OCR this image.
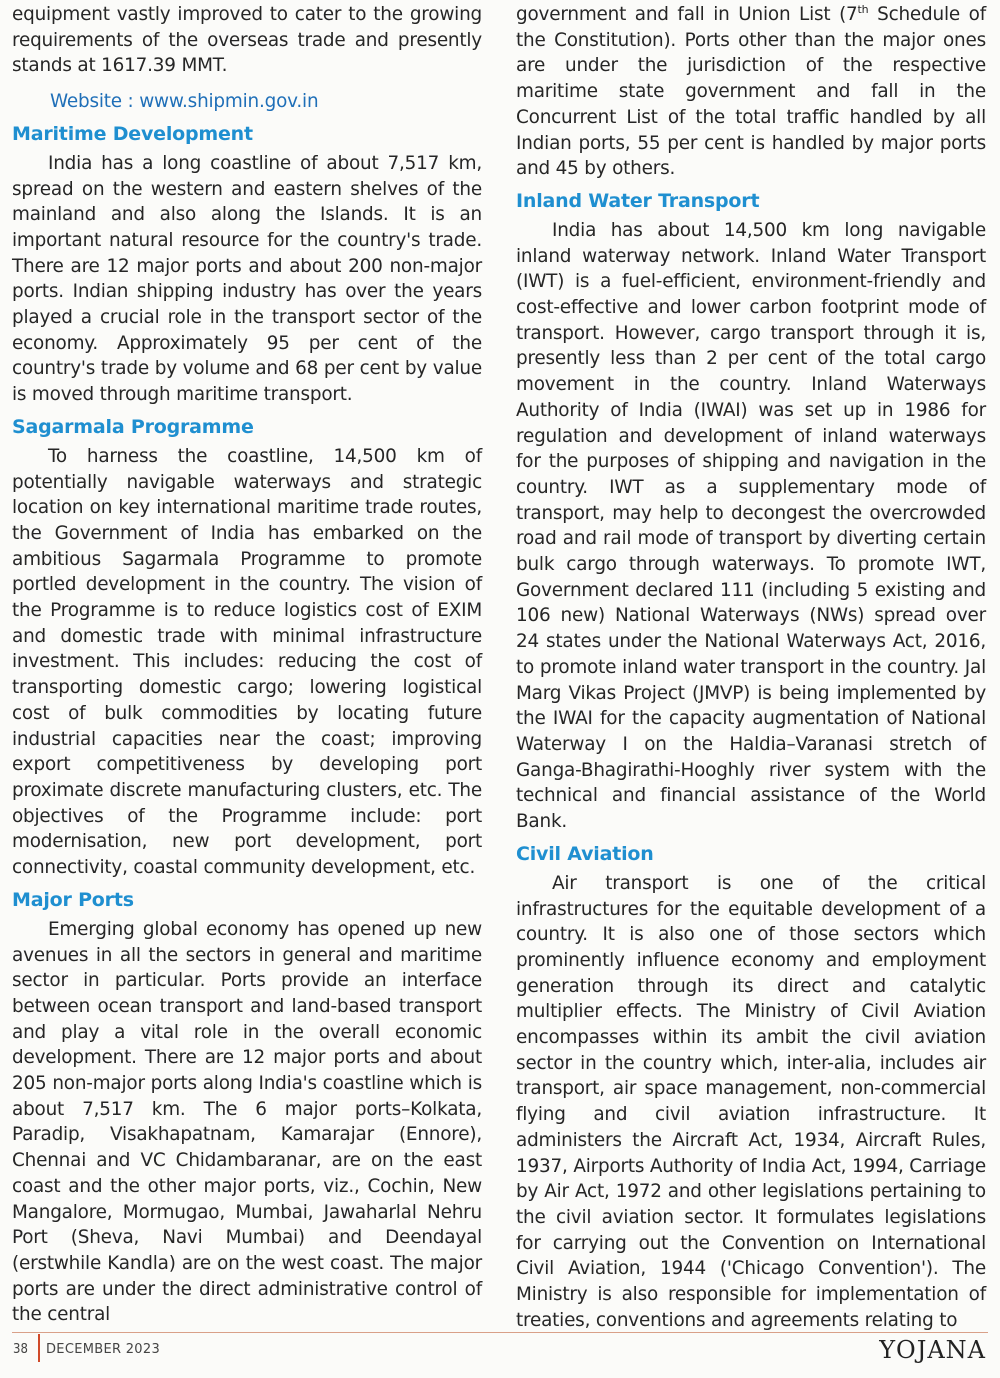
equipment vastly improved to cater to the growing requirements of the overseas trade and presently stands at 1617.39 MMT.

Website : www.shipmin.gov.in

Maritime Development

India has a long coastline of about 7,517 km, spread on the western and eastern shelves of the mainland and also along the Islands. It is an important natural resource for the country's trade. There are 12 major ports and about 200 non-major ports. Indian shipping industry has over the years played a crucial role in the transport sector of the economy. Approximately 95 per cent of the country's trade by volume and 68 per cent by value is moved through maritime transport.

Sagarmala Programme

To harness the coastline, 14,500 km of potentially navigable waterways and strategic location on key international maritime trade routes, the Government of India has embarked on the ambitious Sagarmala Programme to promote portled development in the country. The vision of the Programme is to reduce logistics cost of EXIM and domestic trade with minimal infrastructure investment. This includes: reducing the cost of transporting domestic cargo; lowering logistical cost of bulk commodities by locating future industrial capacities near the coast; improving export competitiveness by developing port proximate discrete manufacturing clusters, etc. The objectives of the Programme include: port modernisation, new port development, port connectivity, coastal community development, etc.

Major Ports

Emerging global economy has opened up new avenues in all the sectors in general and maritime sector in particular. Ports provide an interface between ocean transport and land-based transport and play a vital role in the overall economic development. There are 12 major ports and about 205 non-major ports along India's coastline which is about 7,517 km. The 6 major ports–Kolkata, Paradip, Visakhapatnam, Kamarajar (Ennore), Chennai and VC Chidambaranar, are on the east coast and the other major ports, viz., Cochin, New Mangalore, Mormugao, Mumbai, Jawaharlal Nehru Port (Sheva, Navi Mumbai) and Deendayal (erstwhile Kandla) are on the west coast. The major ports are under the direct administrative control of the central

government and fall in Union List (7th Schedule of the Constitution). Ports other than the major ones are under the jurisdiction of the respective maritime state government and fall in the Concurrent List of the total traffic handled by all Indian ports, 55 per cent is handled by major ports and 45 by others.

Inland Water Transport

India has about 14,500 km long navigable inland waterway network. Inland Water Transport (IWT) is a fuel-efficient, environment-friendly and cost-effective and lower carbon footprint mode of transport. However, cargo transport through it is, presently less than 2 per cent of the total cargo movement in the country. Inland Waterways Authority of India (IWAI) was set up in 1986 for regulation and development of inland waterways for the purposes of shipping and navigation in the country. IWT as a supplementary mode of transport, may help to decongest the overcrowded road and rail mode of transport by diverting certain bulk cargo through waterways. To promote IWT, Government declared 111 (including 5 existing and 106 new) National Waterways (NWs) spread over 24 states under the National Waterways Act, 2016, to promote inland water transport in the country. Jal Marg Vikas Project (JMVP) is being implemented by the IWAI for the capacity augmentation of National Waterway I on the Haldia–Varanasi stretch of Ganga-Bhagirathi-Hooghly river system with the technical and financial assistance of the World Bank.

Civil Aviation

Air transport is one of the critical infrastructures for the equitable development of a country. It is also one of those sectors which prominently influence economy and employment generation through its direct and catalytic multiplier effects. The Ministry of Civil Aviation encompasses within its ambit the civil aviation sector in the country which, inter-alia, includes air transport, air space management, non-commercial flying and civil aviation infrastructure. It administers the Aircraft Act, 1934, Aircraft Rules, 1937, Airports Authority of India Act, 1994, Carriage by Air Act, 1972 and other legislations pertaining to the civil aviation sector. It formulates legislations for carrying out the Convention on International Civil Aviation, 1944 ('Chicago Convention'). The Ministry is also responsible for implementation of treaties, conventions and agreements relating to

38 DECEMBER 2023	YOJANA
